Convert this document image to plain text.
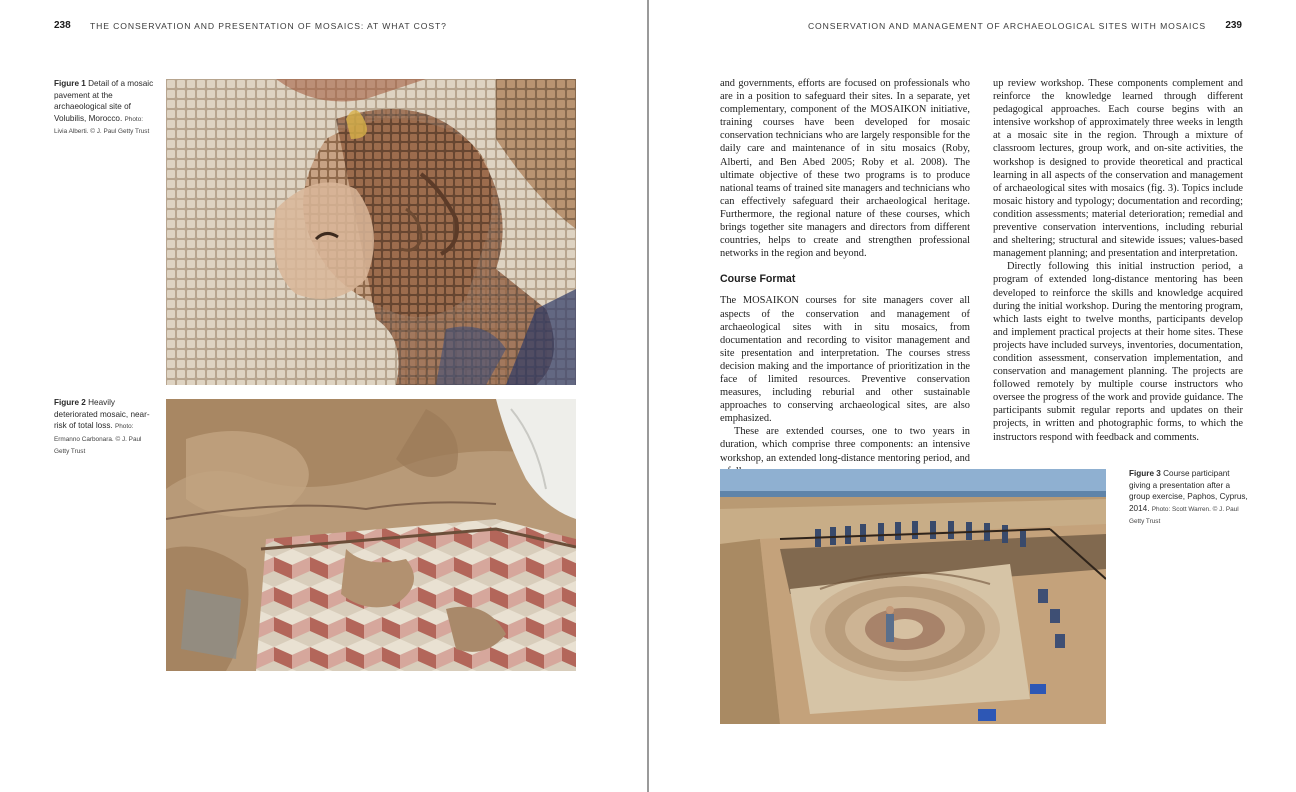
238 THE CONSERVATION AND PRESENTATION OF MOSAICS: AT WHAT COST?
Figure 1 Detail of a mosaic pavement at the archaeological site of Volubilis, Morocco. Photo: Livia Alberti. © J. Paul Getty Trust
Figure 2 Heavily deteriorated mosaic, near-risk of total loss. Photo: Ermanno Carbonara. © J. Paul Getty Trust
CONSERVATION AND MANAGEMENT OF ARCHAEOLOGICAL SITES WITH MOSAICS 239

and governments, efforts are focused on professionals who are in a position to safeguard their sites. In a separate, yet complementary, component of the MOSAIKON initiative, training courses have been developed for mosaic conservation technicians who are largely responsible for the daily care and maintenance of in situ mosaics (Roby, Alberti, and Ben Abed 2005; Roby et al. 2008). The ultimate objective of these two programs is to produce national teams of trained site managers and technicians who can effectively safeguard their archaeological heritage. Furthermore, the regional nature of these courses, which brings together site managers and directors from different countries, helps to create and strengthen professional networks in the region and beyond.

Course Format

The MOSAIKON courses for site managers cover all aspects of the conservation and management of archaeological sites with in situ mosaics, from documentation and recording to visitor management and site presentation and interpretation. The courses stress decision making and the importance of prioritization in the face of limited resources. Preventive conservation measures, including reburial and other sustainable approaches to conserving archaeological sites, are also emphasized.

These are extended courses, one to two years in duration, which comprise three components: an intensive workshop, an extended long-distance mentoring period, and

up review workshop. These components complement and reinforce the knowledge learned through different pedagogical approaches. Each course begins with an intensive workshop of approximately three weeks in length at a mosaic site in the region. Through a mixture of classroom lectures, group work, and on-site activities, the workshop is designed to provide theoretical and practical learning in all aspects of the conservation and management of archaeological sites with mosaics (fig. 3). Topics include mosaic history and typology; documentation and recording; condition assessments; material deterioration; remedial and preventive conservation interventions, including reburial and sheltering; structural and sitewide issues; values-based management planning; and presentation and interpretation.

Directly following this initial instruction period, a program of extended long-distance mentoring has been developed to reinforce the skills and knowledge acquired during the initial workshop. During the mentoring program, which lasts eight to twelve months, participants develop and implement practical projects at their home sites. These projects have included surveys, inventories, documentation, condition assessment, conservation implementation, and conservation and management planning. The projects are followed remotely by multiple course instructors who oversee the progress of the work and provide guidance. The participants submit regular reports and updates on their projects, in written and photographic forms, to which the instructors respond with feedback and comments.

Figure 3 Course participant giving a presentation after a group exercise, Paphos, Cyprus, 2014. Photo: Scott Warren. © J. Paul Getty Trust
